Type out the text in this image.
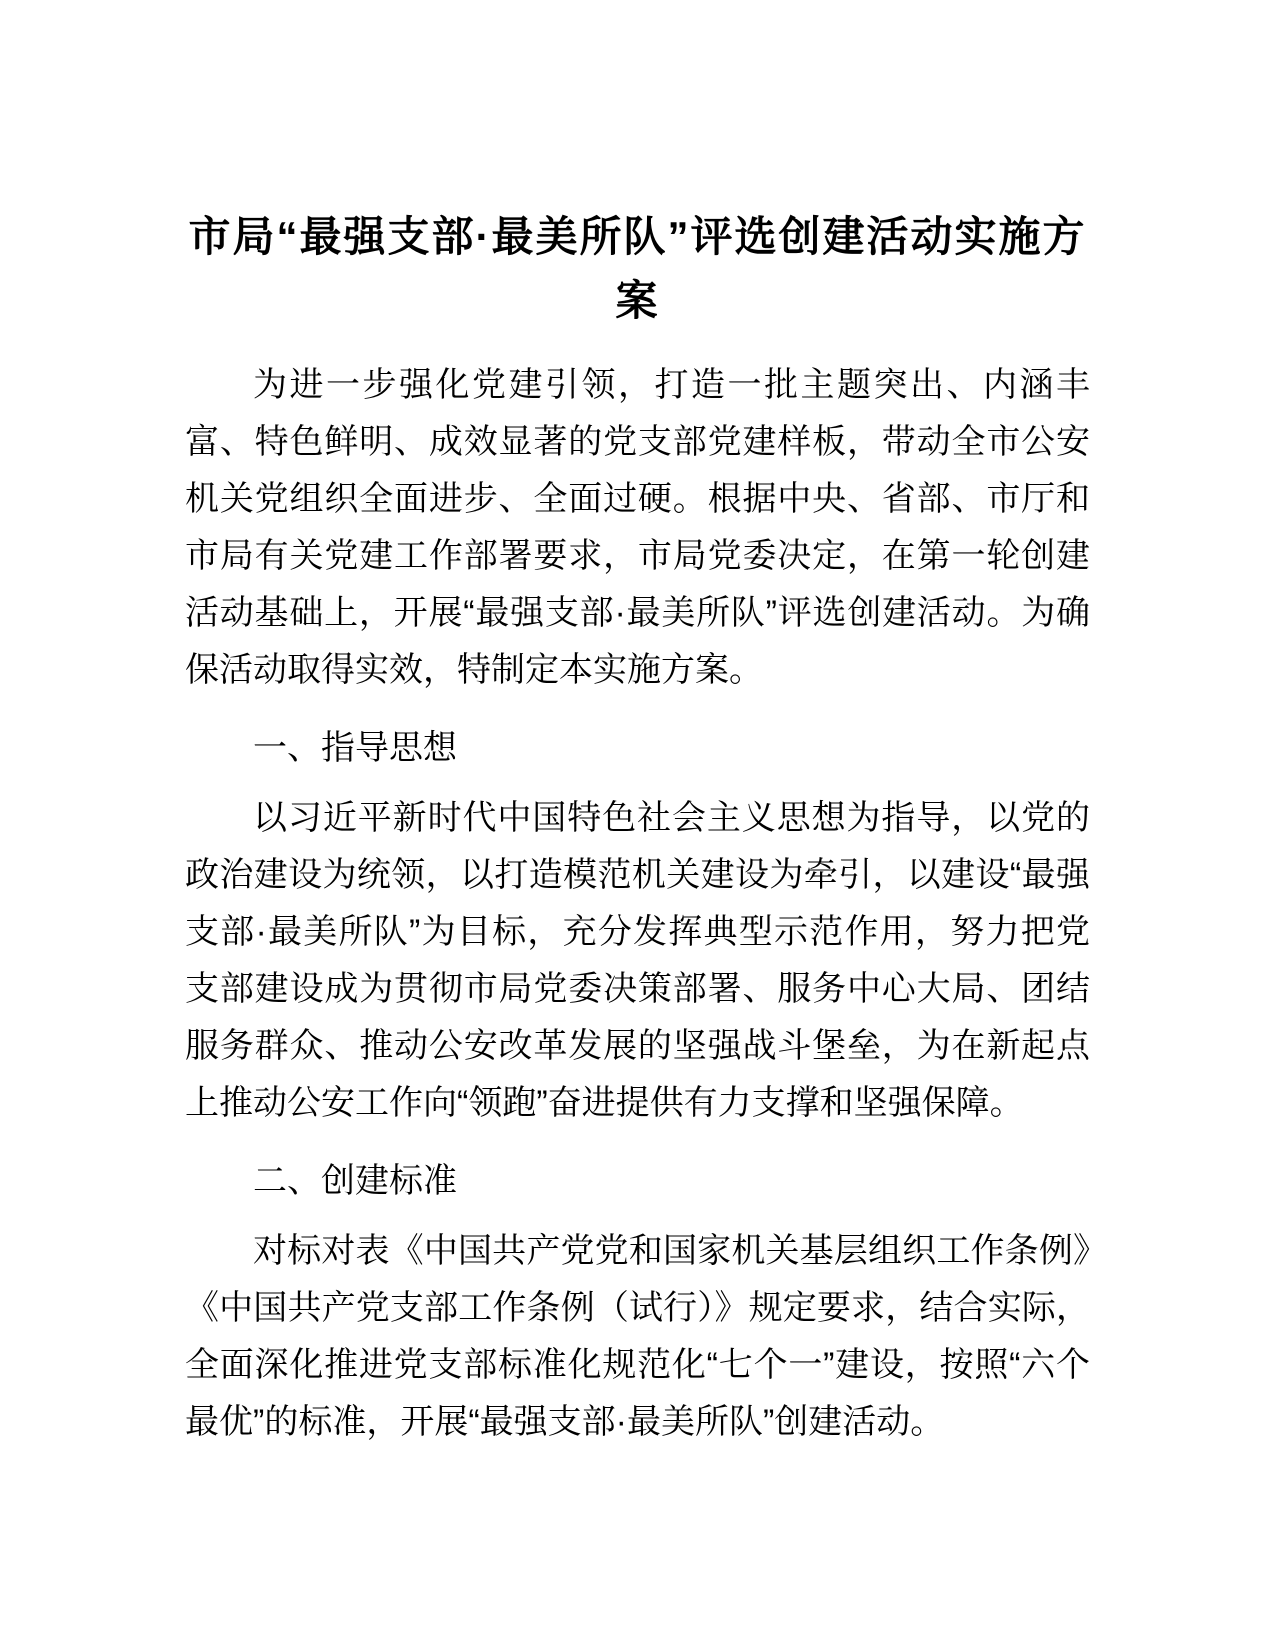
市局“最强支部·最美所队”评选创建活动实施方案

为进一步强化党建引领，打造一批主题突出、内涵丰富、特色鲜明、成效显著的党支部党建样板，带动全市公安机关党组织全面进步、全面过硬。根据中央、省部、市厅和市局有关党建工作部署要求，市局党委决定，在第一轮创建活动基础上，开展“最强支部·最美所队”评选创建活动。为确保活动取得实效，特制定本实施方案。

一、指导思想

以习近平新时代中国特色社会主义思想为指导，以党的政治建设为统领，以打造模范机关建设为牵引，以建设“最强支部·最美所队”为目标，充分发挥典型示范作用，努力把党支部建设成为贯彻市局党委决策部署、服务中心大局、团结服务群众、推动公安改革发展的坚强战斗堡垒，为在新起点上推动公安工作向“领跑”奋进提供有力支撑和坚强保障。

二、创建标准

对标对表《中国共产党党和国家机关基层组织工作条例》《中国共产党支部工作条例（试行）》规定要求，结合实际，全面深化推进党支部标准化规范化“七个一”建设，按照“六个最优”的标准，开展“最强支部·最美所队”创建活动。
